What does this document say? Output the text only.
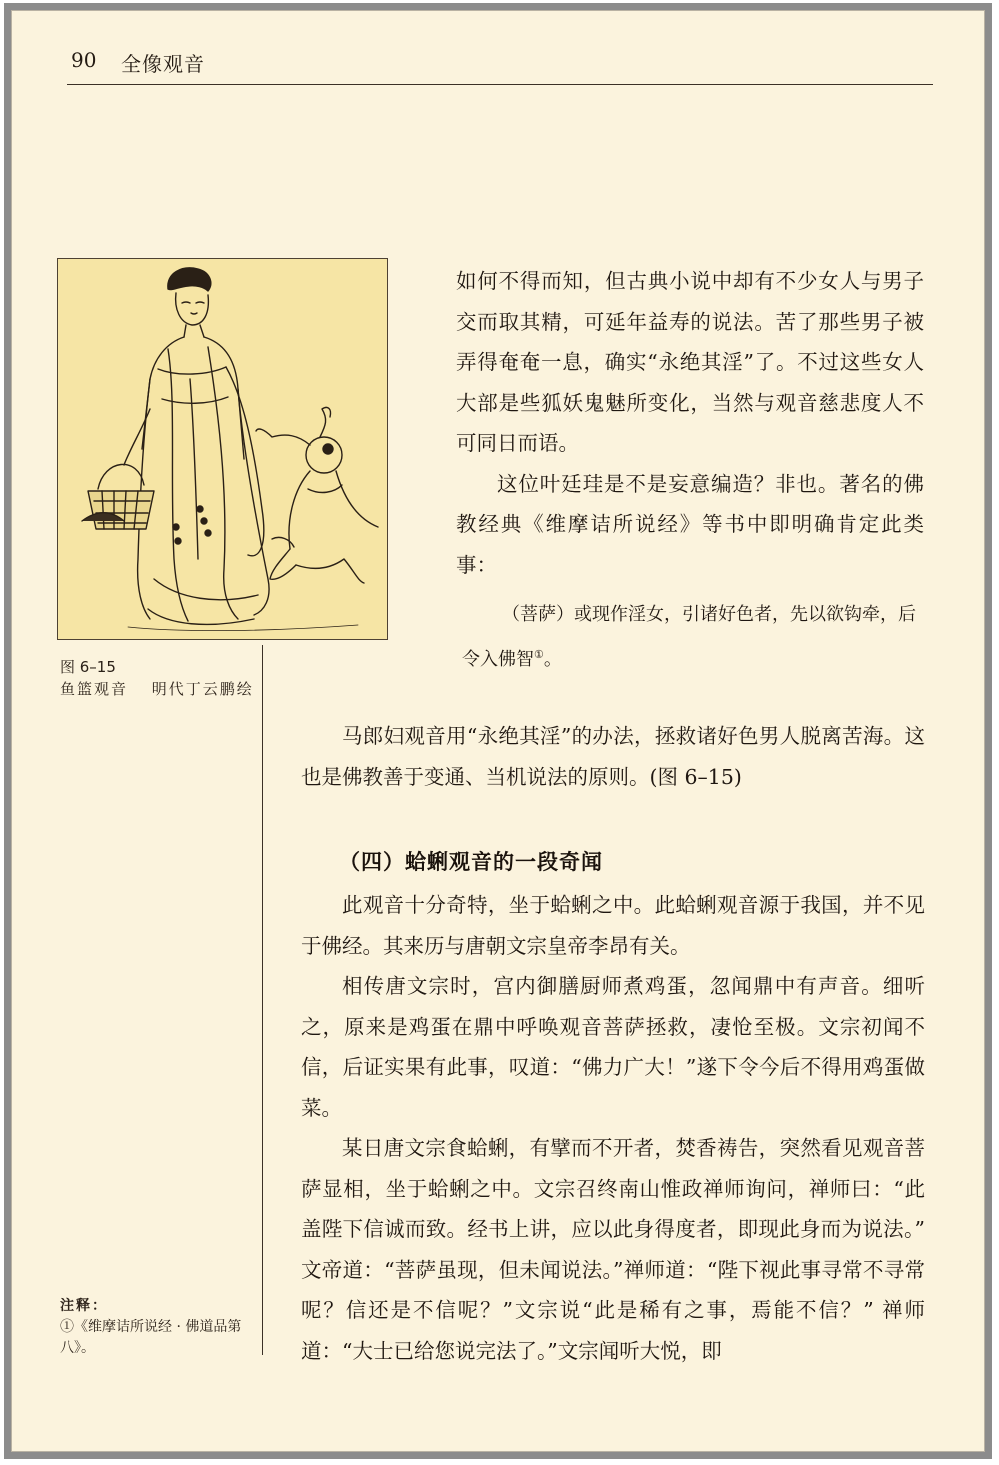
90 全像观音
图 6–15
鱼篮观音　 明代丁云鹏绘

如何不得而知，但古典小说中却有不少女人与男子交而取其精，可延年益寿的说法。苦了那些男子被弄得奄奄一息，确实“永绝其淫”了。不过这些女人大部是些狐妖鬼魅所变化，当然与观音慈悲度人不可同日而语。

这位叶廷珪是不是妄意编造？非也。著名的佛教经典《维摩诘所说经》等书中即明确肯定此类事：

（菩萨）或现作淫女，引诸好色者，先以欲钩牵，后令入佛智①。

马郎妇观音用“永绝其淫”的办法，拯救诸好色男人脱离苦海。这也是佛教善于变通、当机说法的原则。(图 6–15)

（四）蛤蜊观音的一段奇闻

此观音十分奇特，坐于蛤蜊之中。此蛤蜊观音源于我国，并不见于佛经。其来历与唐朝文宗皇帝李昂有关。

相传唐文宗时，宫内御膳厨师煮鸡蛋，忽闻鼎中有声音。细听之，原来是鸡蛋在鼎中呼唤观音菩萨拯救，凄怆至极。文宗初闻不信，后证实果有此事，叹道：“佛力广大！”遂下令今后不得用鸡蛋做菜。

某日唐文宗食蛤蜊，有擘而不开者，焚香祷告，突然看见观音菩萨显相，坐于蛤蜊之中。文宗召终南山惟政禅师询问，禅师曰：“此盖陛下信诚而致。经书上讲，应以此身得度者，即现此身而为说法。” 文帝道：“菩萨虽现，但未闻说法。”禅师道：“陛下视此事寻常不寻常呢？信还是不信呢？”文宗说“此是稀有之事，焉能不信？” 禅师道：“大士已给您说完法了。”文宗闻听大悦，即

注释：
①《维摩诘所说经 · 佛道品第八》。
